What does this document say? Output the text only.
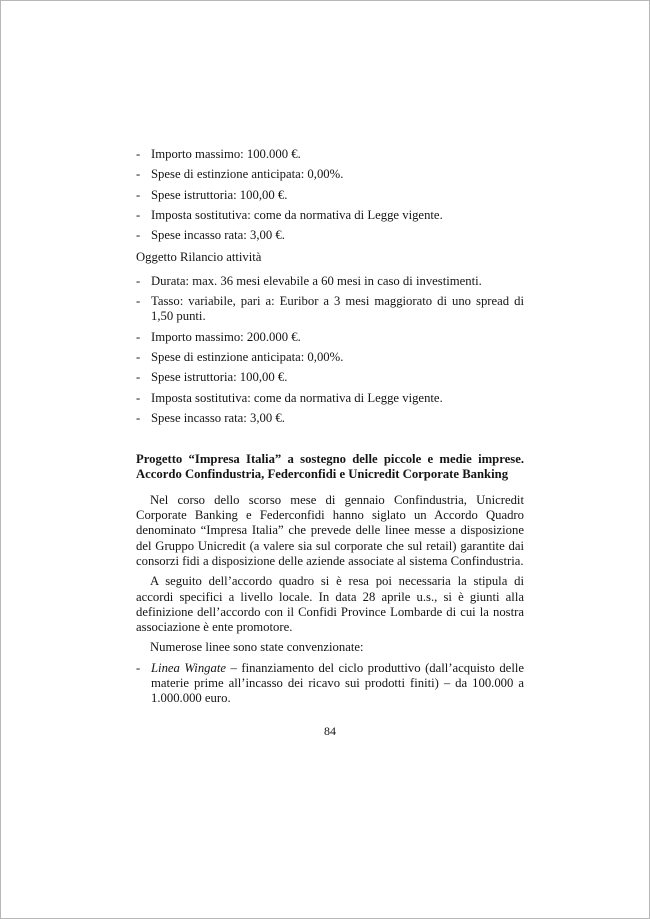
- Importo massimo: 100.000 €.
- Spese di estinzione anticipata: 0,00%.
- Spese istruttoria: 100,00 €.
- Imposta sostitutiva: come da normativa di Legge vigente.
- Spese incasso rata: 3,00 €.
Oggetto Rilancio attività
- Durata: max. 36 mesi elevabile a 60 mesi in caso di investimenti.
- Tasso: variabile, pari a: Euribor a 3 mesi maggiorato di uno spread di 1,50 punti.
- Importo massimo: 200.000 €.
- Spese di estinzione anticipata: 0,00%.
- Spese istruttoria: 100,00 €.
- Imposta sostitutiva: come da normativa di Legge vigente.
- Spese incasso rata: 3,00 €.
Progetto “Impresa Italia” a sostegno delle piccole e medie imprese. Accordo Confindustria, Federconfidi e Unicredit Corporate Banking

Nel corso dello scorso mese di gennaio Confindustria, Unicredit Corporate Banking e Federconfidi hanno siglato un Accordo Quadro denominato “Impresa Italia” che prevede delle linee messe a disposizione del Gruppo Unicredit (a valere sia sul corporate che sul retail) garantite dai consorzi fidi a disposizione delle aziende associate al sistema Confindustria.

A seguito dell’accordo quadro si è resa poi necessaria la stipula di accordi specifici a livello locale. In data 28 aprile u.s., si è giunti alla definizione dell’accordo con il Confidi Province Lombarde di cui la nostra associazione è ente promotore.

Numerose linee sono state convenzionate:

- Linea Wingate – finanziamento del ciclo produttivo (dall’acquisto delle materie prime all’incasso dei ricavo sui prodotti finiti) – da 100.000 a 1.000.000 euro.
84
